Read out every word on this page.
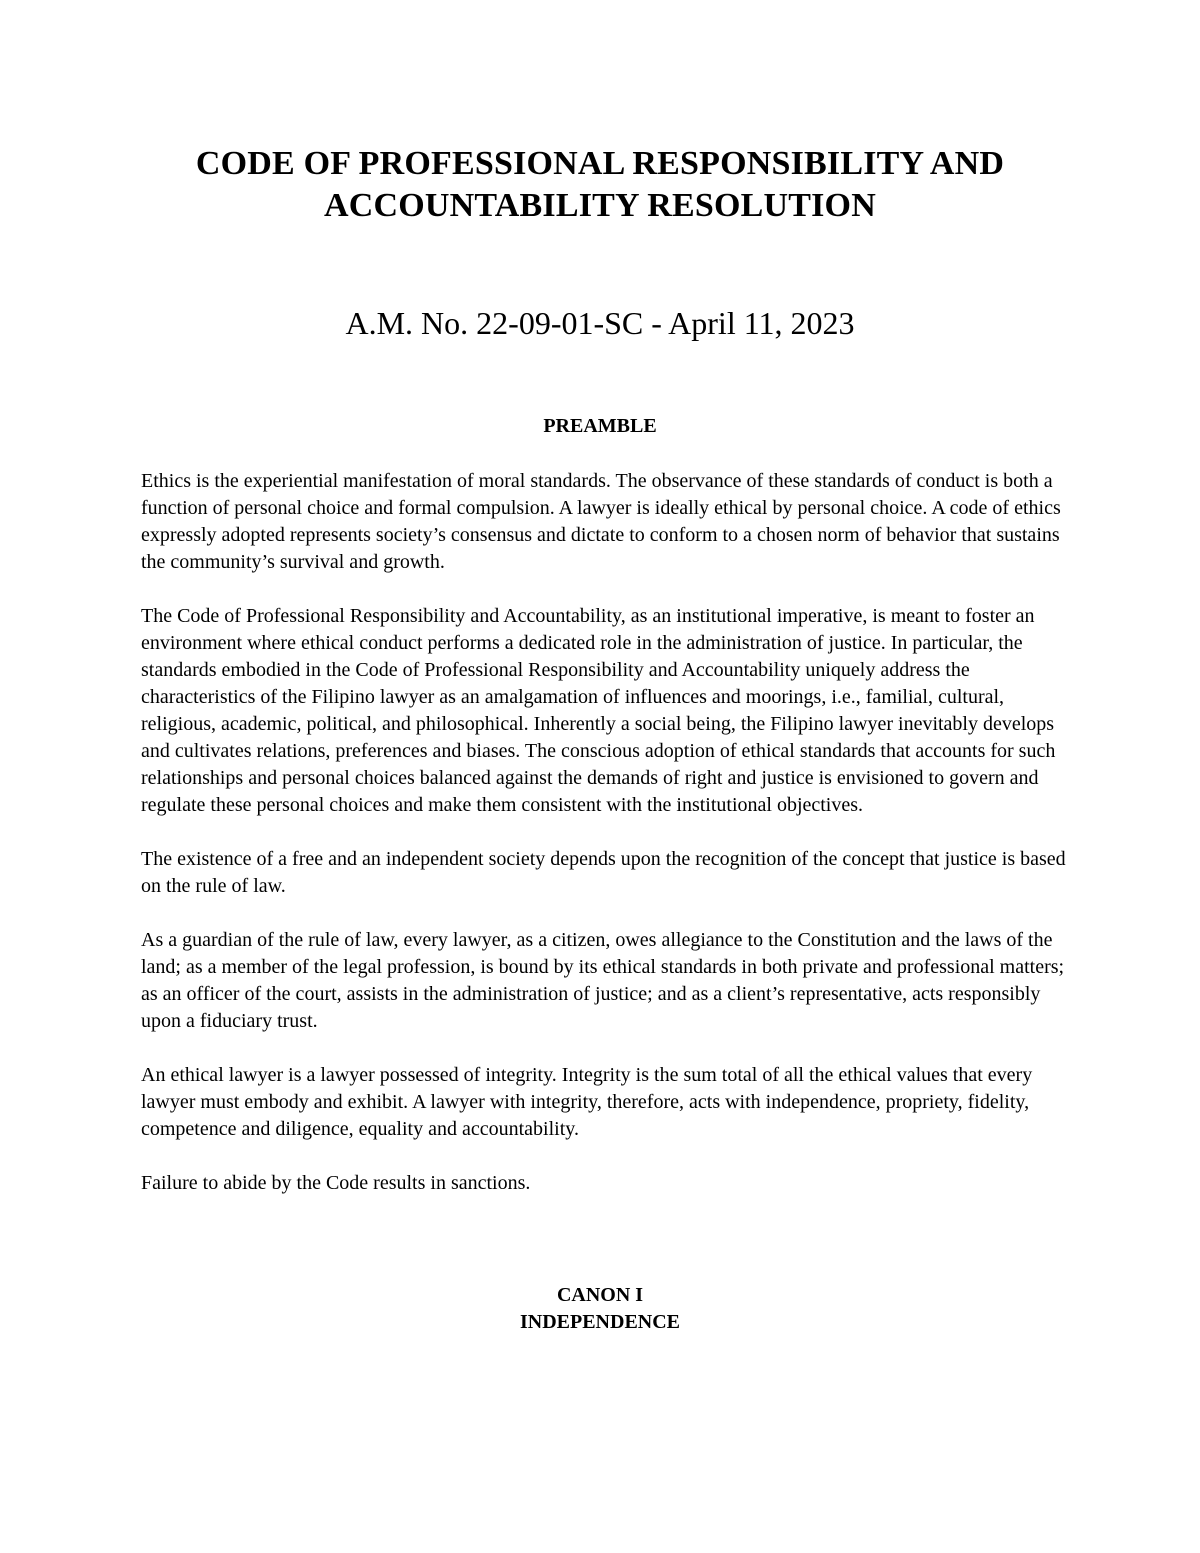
CODE OF PROFESSIONAL RESPONSIBILITY AND ACCOUNTABILITY RESOLUTION
A.M. No. 22-09-01-SC - April 11, 2023
PREAMBLE

Ethics is the experiential manifestation of moral standards. The observance of these standards of conduct is both a function of personal choice and formal compulsion. A lawyer is ideally ethical by personal choice. A code of ethics expressly adopted represents society’s consensus and dictate to conform to a chosen norm of behavior that sustains the community’s survival and growth.

The Code of Professional Responsibility and Accountability, as an institutional imperative, is meant to foster an environment where ethical conduct performs a dedicated role in the administration of justice. In particular, the standards embodied in the Code of Professional Responsibility and Accountability uniquely address the characteristics of the Filipino lawyer as an amalgamation of influences and moorings, i.e., familial, cultural, religious, academic, political, and philosophical. Inherently a social being, the Filipino lawyer inevitably develops and cultivates relations, preferences and biases. The conscious adoption of ethical standards that accounts for such relationships and personal choices balanced against the demands of right and justice is envisioned to govern and regulate these personal choices and make them consistent with the institutional objectives.

The existence of a free and an independent society depends upon the recognition of the concept that justice is based on the rule of law.

As a guardian of the rule of law, every lawyer, as a citizen, owes allegiance to the Constitution and the laws of the land; as a member of the legal profession, is bound by its ethical standards in both private and professional matters; as an officer of the court, assists in the administration of justice; and as a client’s representative, acts responsibly upon a fiduciary trust.

An ethical lawyer is a lawyer possessed of integrity. Integrity is the sum total of all the ethical values that every lawyer must embody and exhibit. A lawyer with integrity, therefore, acts with independence, propriety, fidelity, competence and diligence, equality and accountability.

Failure to abide by the Code results in sanctions.

CANON I
INDEPENDENCE
